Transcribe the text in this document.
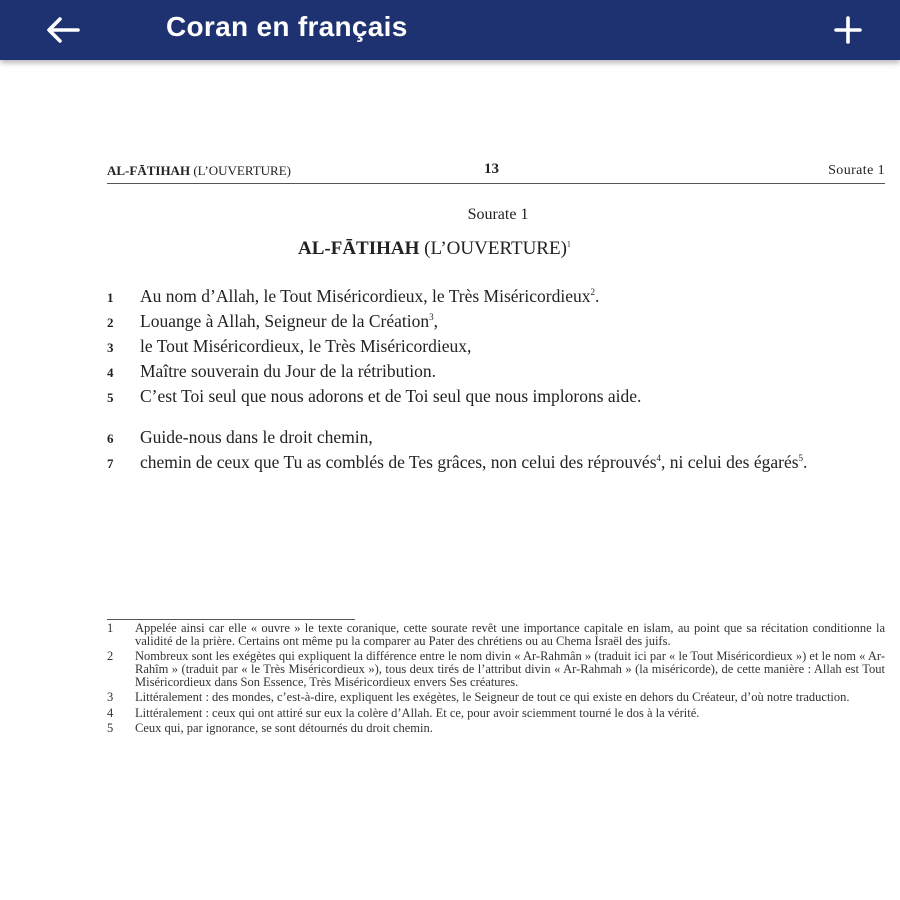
Coran en français
AL-FĀTIHAH (L’OUVERTURE)	13	Sourate 1
Sourate 1
AL-FĀTIHAH (L’OUVERTURE)$^1$
1 Au nom d’Allah, le Tout Miséricordieux, le Très Miséricordieux$^2$.
2 Louange à Allah, Seigneur de la Création$^3$,
3 le Tout Miséricordieux, le Très Miséricordieux,
4 Maître souverain du Jour de la rétribution.
5 C’est Toi seul que nous adorons et de Toi seul que nous implorons aide.
6 Guide-nous dans le droit chemin,
7 chemin de ceux que Tu as comblés de Tes grâces, non celui des réprouvés$^4$, ni celui des égarés$^5$.
1 Appelée ainsi car elle « ouvre » le texte coranique, cette sourate revêt une importance capitale en islam, au point que sa récitation conditionne la validité de la prière. Certains ont même pu la comparer au Pater des chrétiens ou au Chema Israël des juifs.
2 Nombreux sont les exégètes qui expliquent la différence entre le nom divin « Ar-Rahmân » (traduit ici par « le Tout Miséricordieux ») et le nom « Ar-Rahîm » (traduit par « le Très Miséricordieux »), tous deux tirés de l’attribut divin « Ar-Rahmah » (la miséricorde), de cette manière : Allah est Tout Miséricordieux dans Son Essence, Très Miséricordieux envers Ses créatures.
3 Littéralement : des mondes, c’est-à-dire, expliquent les exégètes, le Seigneur de tout ce qui existe en dehors du Créateur, d’où notre traduction.
4 Littéralement : ceux qui ont attiré sur eux la colère d’Allah. Et ce, pour avoir sciemment tourné le dos à la vérité.
5 Ceux qui, par ignorance, se sont détournés du droit chemin.
